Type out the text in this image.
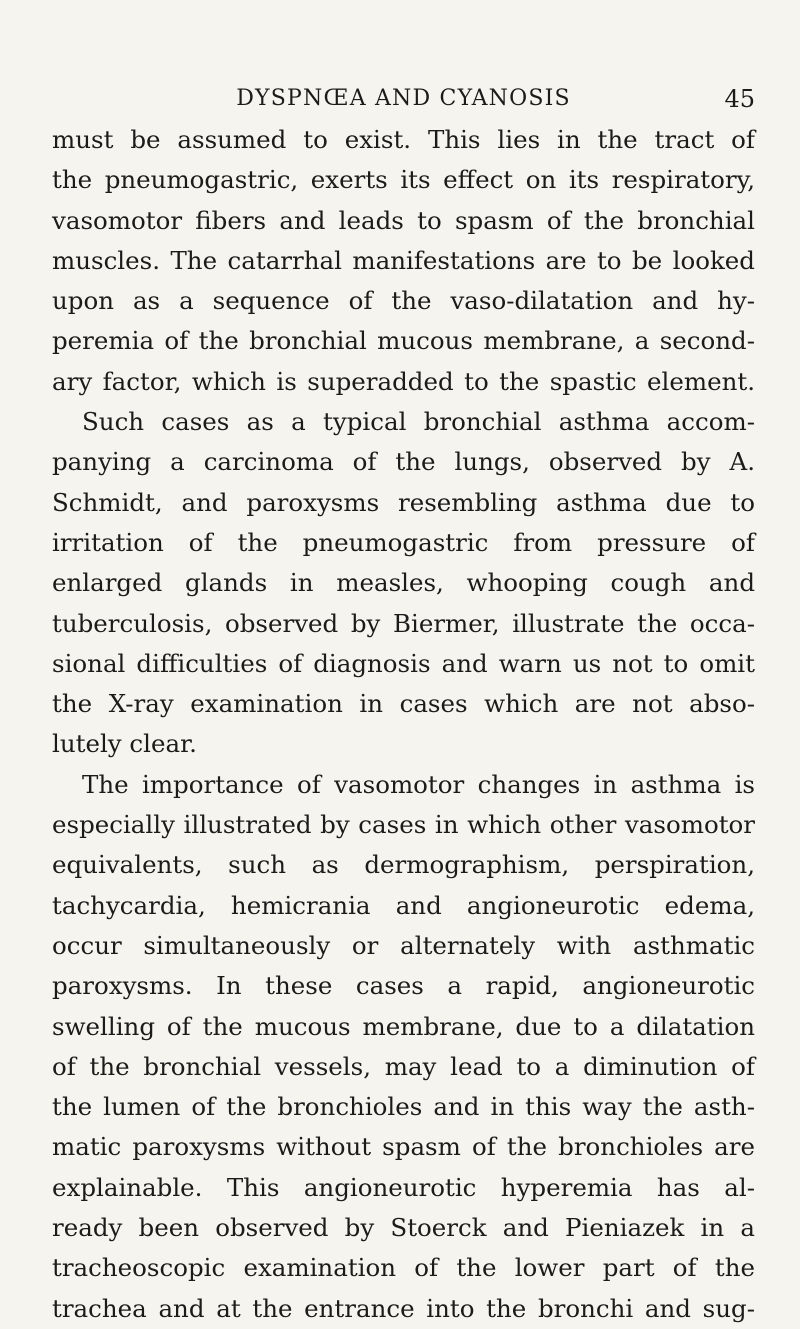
DYSPNŒA AND CYANOSIS	45
must be assumed to exist. This lies in the tract of
the pneumogastric, exerts its effect on its respiratory,
vasomotor fibers and leads to spasm of the bronchial
muscles. The catarrhal manifestations are to be looked
upon as a sequence of the vaso-dilatation and hy-
peremia of the bronchial mucous membrane, a second-
ary factor, which is superadded to the spastic element.
Such cases as a typical bronchial asthma accom-
panying a carcinoma of the lungs, observed by A.
Schmidt, and paroxysms resembling asthma due to
irritation of the pneumogastric from pressure of
enlarged glands in measles, whooping cough and
tuberculosis, observed by Biermer, illustrate the occa-
sional difficulties of diagnosis and warn us not to omit
the X-ray examination in cases which are not abso-
lutely clear.
The importance of vasomotor changes in asthma is
especially illustrated by cases in which other vasomotor
equivalents, such as dermographism, perspiration,
tachycardia, hemicrania and angioneurotic edema,
occur simultaneously or alternately with asthmatic
paroxysms. In these cases a rapid, angioneurotic
swelling of the mucous membrane, due to a dilatation
of the bronchial vessels, may lead to a diminution of
the lumen of the bronchioles and in this way the asth-
matic paroxysms without spasm of the bronchioles are
explainable. This angioneurotic hyperemia has al-
ready been observed by Stoerck and Pieniazek in a
tracheoscopic examination of the lower part of the
trachea and at the entrance into the bronchi and sug-
